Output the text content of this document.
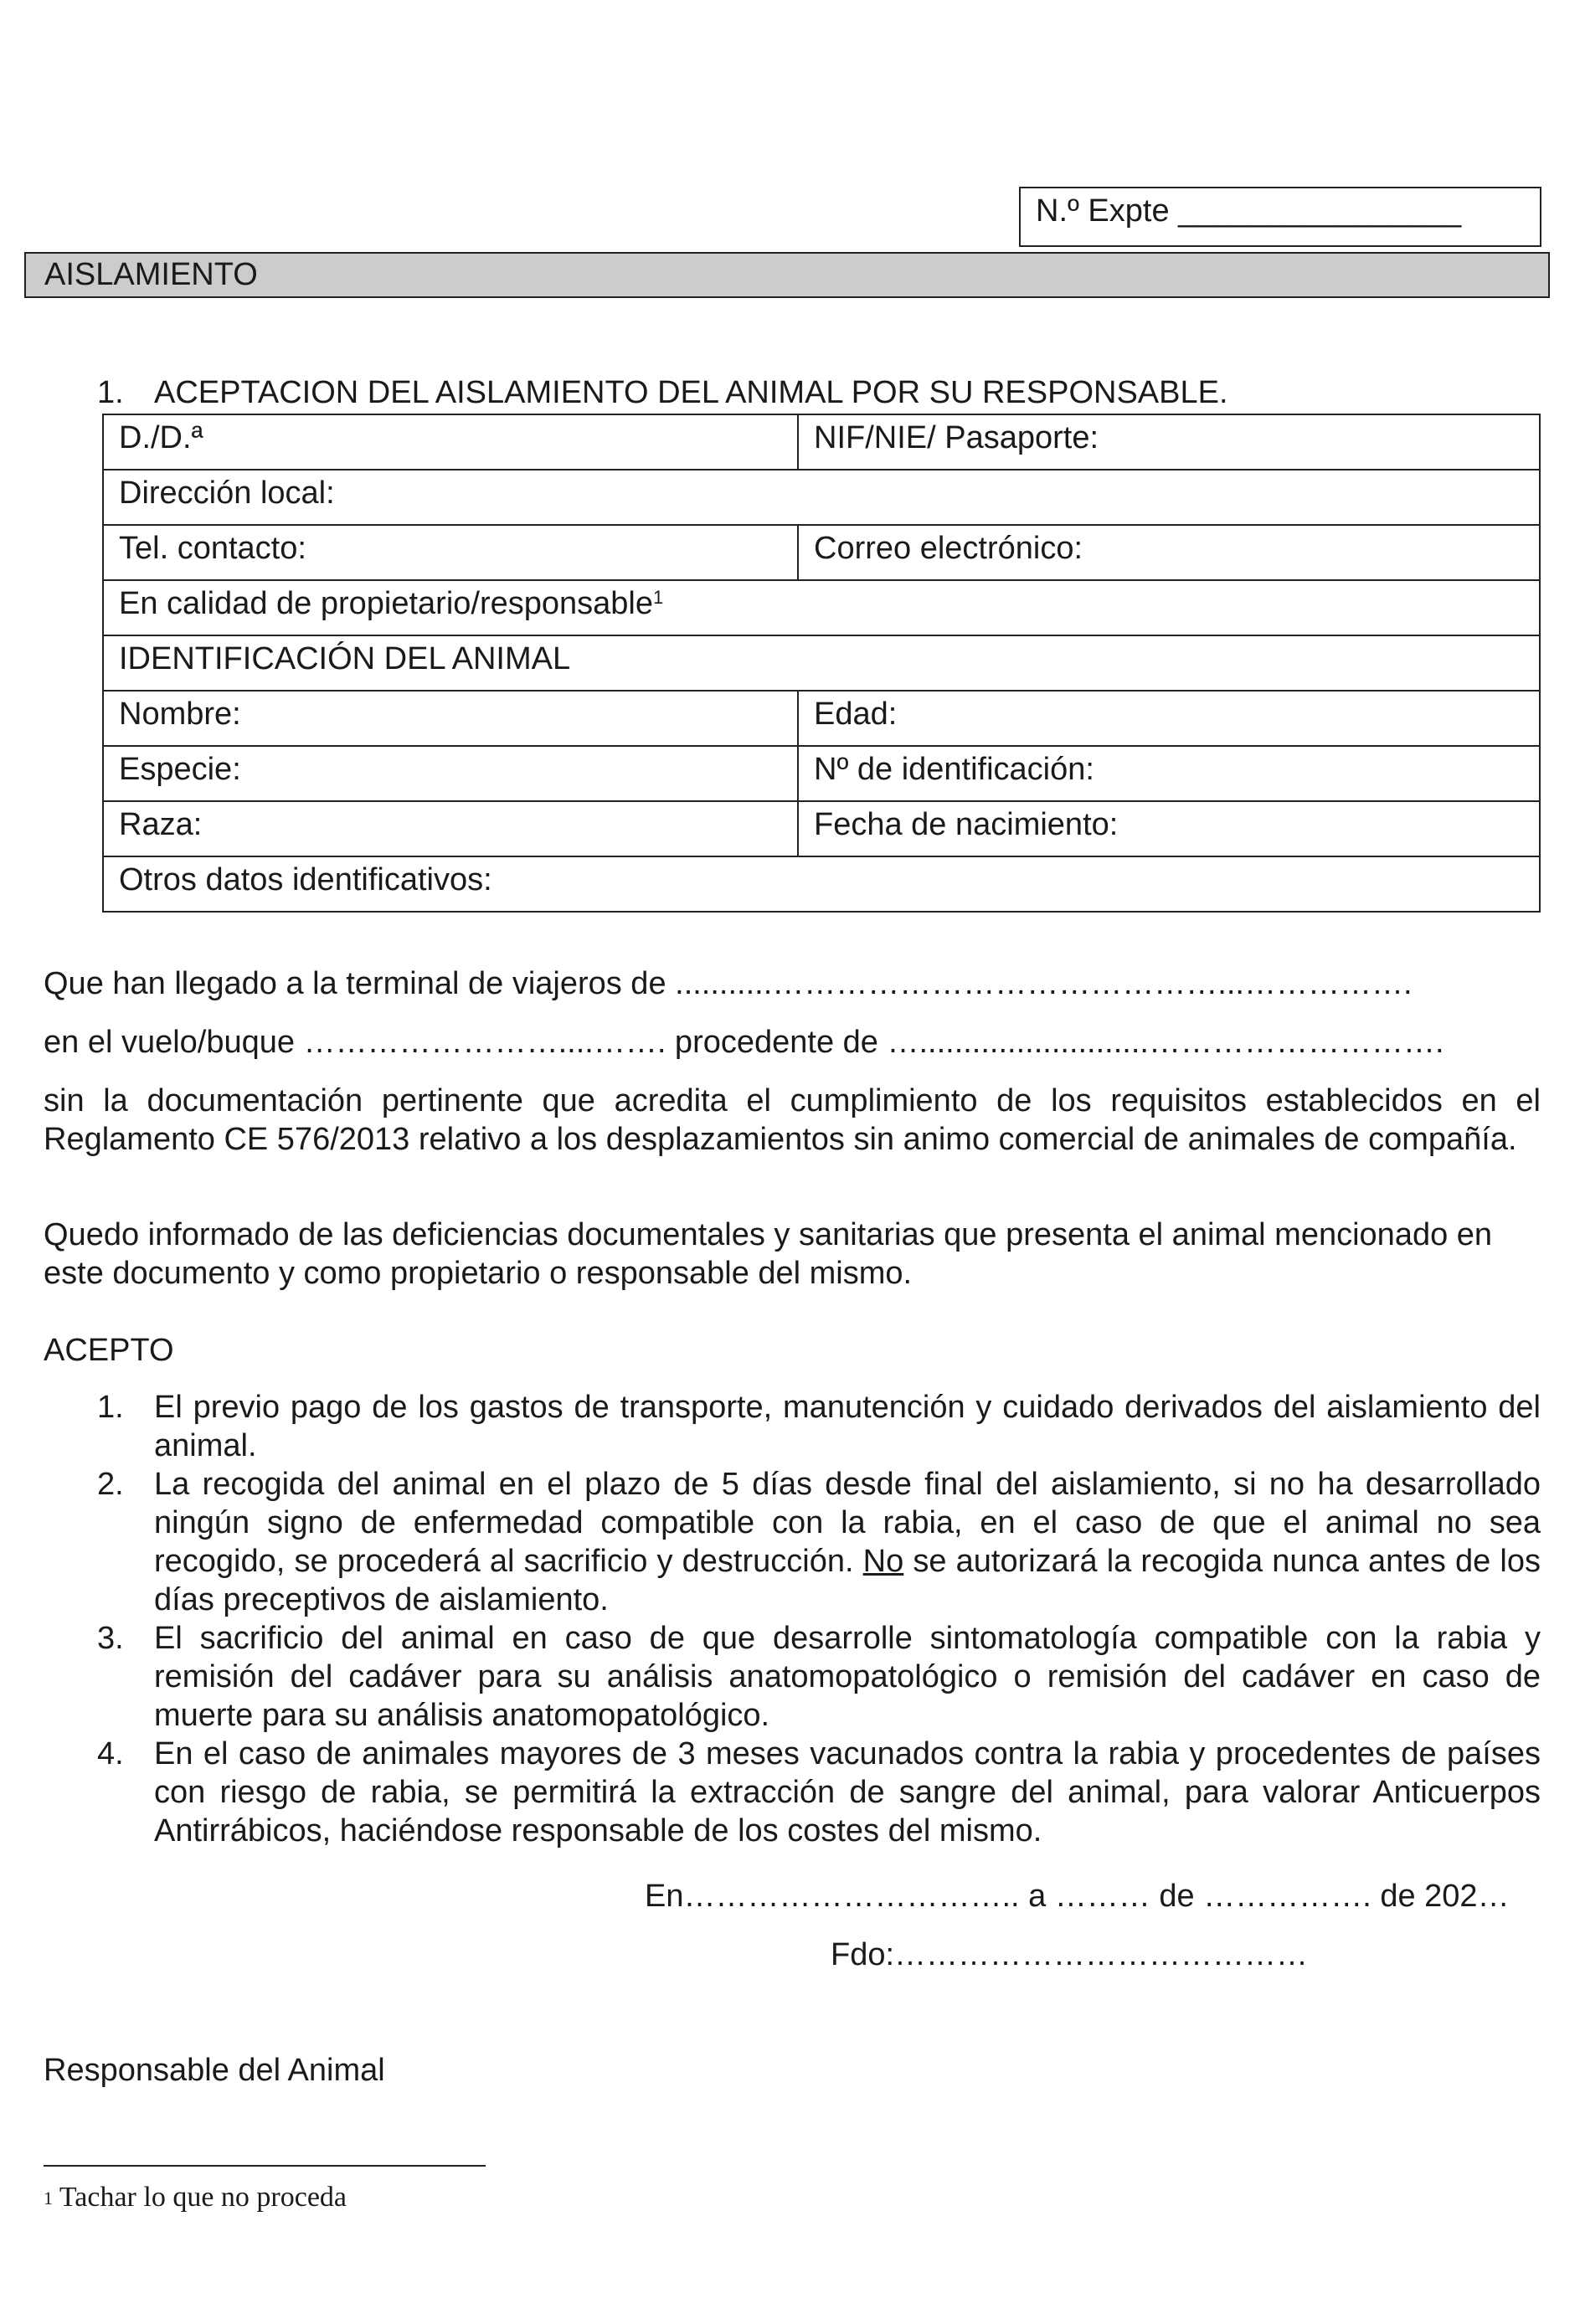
N.º Expte ________________
AISLAMIENTO
1. ACEPTACION DEL AISLAMIENTO DEL ANIMAL POR SU RESPONSABLE.
D./D.ª	NIF/NIE/ Pasaporte:
Dirección local:	
Tel. contacto:	Correo electrónico:
En calidad de propietario/responsable$^1$
IDENTIFICACIÓN DEL ANIMAL	
Nombre:	Edad:
Especie:	Nº de identificación:
Raza:	Fecha de nacimiento:
Otros datos identificativos:	
Que han llegado a la terminal de viajeros de ...........……………………………………...…………….
en el vuelo/buque ……………………....……. procedente de …..........................……………………….
sin la documentación pertinente que acredita el cumplimiento de los requisitos establecidos en el Reglamento CE 576/2013 relativo a los desplazamientos sin animo comercial de animales de compañía.
Quedo informado de las deficiencias documentales y sanitarias que presenta el animal mencionado en este documento y como propietario o responsable del mismo.
ACEPTO
1. El previo pago de los gastos de transporte, manutención y cuidado derivados del aislamiento del animal.
2. La recogida del animal en el plazo de 5 días desde final del aislamiento, si no ha desarrollado ningún signo de enfermedad compatible con la rabia, en el caso de que el animal no sea recogido, se procederá al sacrificio y destrucción. No se autorizará la recogida nunca antes de los días preceptivos de aislamiento.
3. El sacrificio del animal en caso de que desarrolle sintomatología compatible con la rabia y remisión del cadáver para su análisis anatomopatológico o remisión del cadáver en caso de muerte para su análisis anatomopatológico.
4. En el caso de animales mayores de 3 meses vacunados contra la rabia y procedentes de países con riesgo de rabia, se permitirá la extracción de sangre del animal, para valorar Anticuerpos Antirrábicos, haciéndose responsable de los costes del mismo.
En………………………….. a ……… de ……………. de 202…
Fdo:…………………………………
Responsable del Animal
$^1$ Tachar lo que no proceda
